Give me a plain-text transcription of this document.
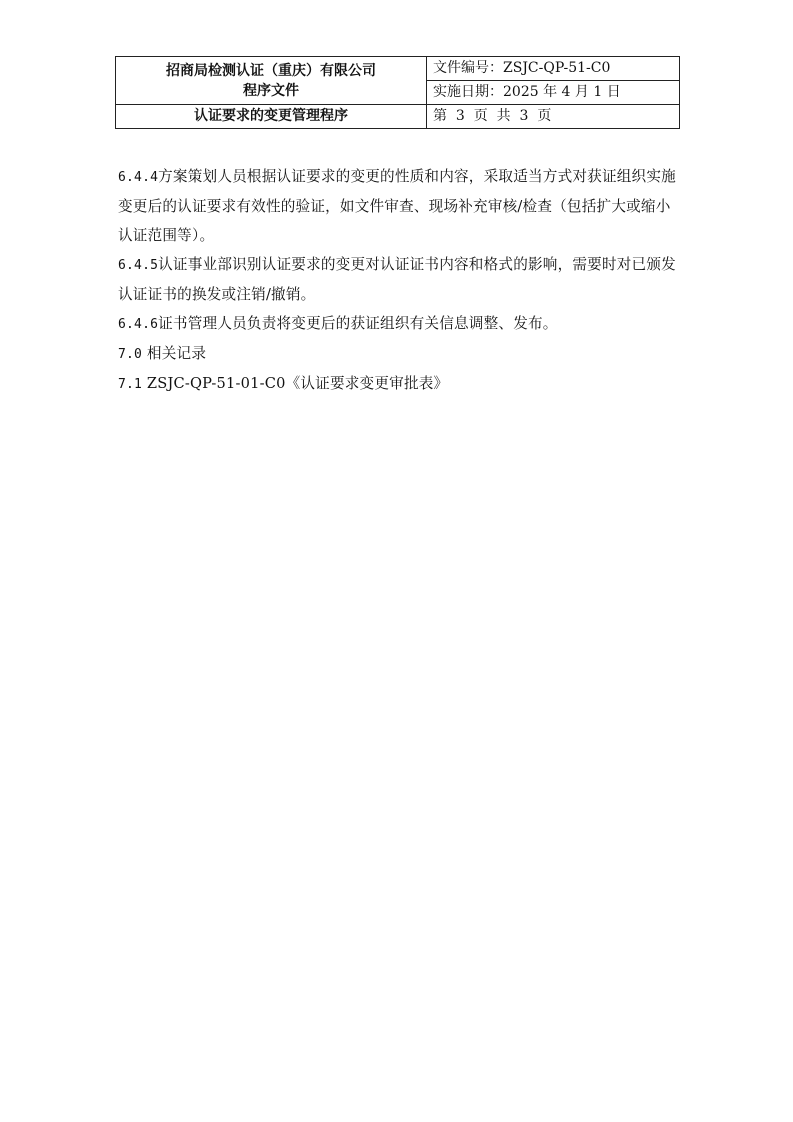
招商局检测认证（重庆）有限公司
程序文件	文件编号：ZSJC-QP-51-C0
	实施日期：2025 年 4 月 1 日
认证要求的变更管理程序	第  3  页  共  3  页

6.4.4方案策划人员根据认证要求的变更的性质和内容，采取适当方式对获证组织实施变更后的认证要求有效性的验证，如文件审查、现场补充审核/检查（包括扩大或缩小认证范围等）。

6.4.5认证事业部识别认证要求的变更对认证证书内容和格式的影响，需要时对已颁发认证证书的换发或注销/撤销。

6.4.6证书管理人员负责将变更后的获证组织有关信息调整、发布。

7.0 相关记录

7.1 ZSJC-QP-51-01-C0《认证要求变更审批表》
